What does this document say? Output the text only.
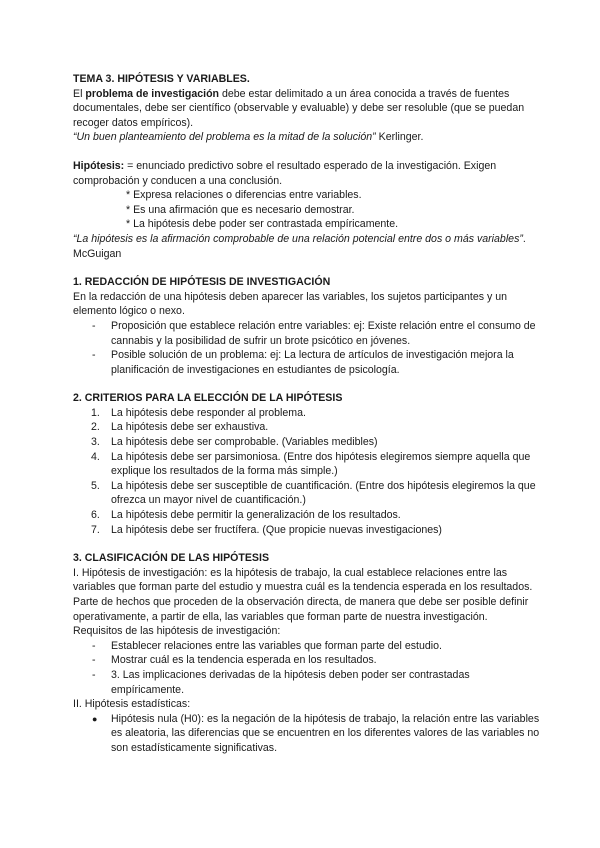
TEMA 3. HIPÓTESIS Y VARIABLES.

El problema de investigación debe estar delimitado a un área conocida a través de fuentes documentales, debe ser científico (observable y evaluable) y debe ser resoluble (que se puedan recoger datos empíricos).

“Un buen planteamiento del problema es la mitad de la solución” Kerlinger.

Hipótesis: = enunciado predictivo sobre el resultado esperado de la investigación. Exigen comprobación y conducen a una conclusión.

* Expresa relaciones o diferencias entre variables.
* Es una afirmación que es necesario demostrar.
* La hipótesis debe poder ser contrastada empíricamente.

“La hipótesis es la afirmación comprobable de una relación potencial entre dos o más variables”. McGuigan

1. REDACCIÓN DE HIPÓTESIS DE INVESTIGACIÓN

En la redacción de una hipótesis deben aparecer las variables, los sujetos participantes y un elemento lógico o nexo.

- Proposición que establece relación entre variables: ej: Existe relación entre el consumo de cannabis y la posibilidad de sufrir un brote psicótico en jóvenes.
- Posible solución de un problema: ej: La lectura de artículos de investigación mejora la planificación de investigaciones en estudiantes de psicología.

2. CRITERIOS PARA LA ELECCIÓN DE LA HIPÓTESIS

1. La hipótesis debe responder al problema.
2. La hipótesis debe ser exhaustiva.
3. La hipótesis debe ser comprobable. (Variables medibles)
4. La hipótesis debe ser parsimoniosa. (Entre dos hipótesis elegiremos siempre aquella que explique los resultados de la forma más simple.)
5. La hipótesis debe ser susceptible de cuantificación. (Entre dos hipótesis elegiremos la que ofrezca un mayor nivel de cuantificación.)
6. La hipótesis debe permitir la generalización de los resultados.
7. La hipótesis debe ser fructífera. (Que propicie nuevas investigaciones)

3. CLASIFICACIÓN DE LAS HIPÓTESIS

I. Hipótesis de investigación: es la hipótesis de trabajo, la cual establece relaciones entre las variables que forman parte del estudio y muestra cuál es la tendencia esperada en los resultados. Parte de hechos que proceden de la observación directa, de manera que debe ser posible definir operativamente, a partir de ella, las variables que forman parte de nuestra investigación.

Requisitos de las hipótesis de investigación:

- Establecer relaciones entre las variables que forman parte del estudio.
- Mostrar cuál es la tendencia esperada en los resultados.
- 3. Las implicaciones derivadas de la hipótesis deben poder ser contrastadas empíricamente.

II. Hipótesis estadísticas:

● Hipótesis nula (H0): es la negación de la hipótesis de trabajo, la relación entre las variables es aleatoria, las diferencias que se encuentren en los diferentes valores de las variables no son estadísticamente significativas.
